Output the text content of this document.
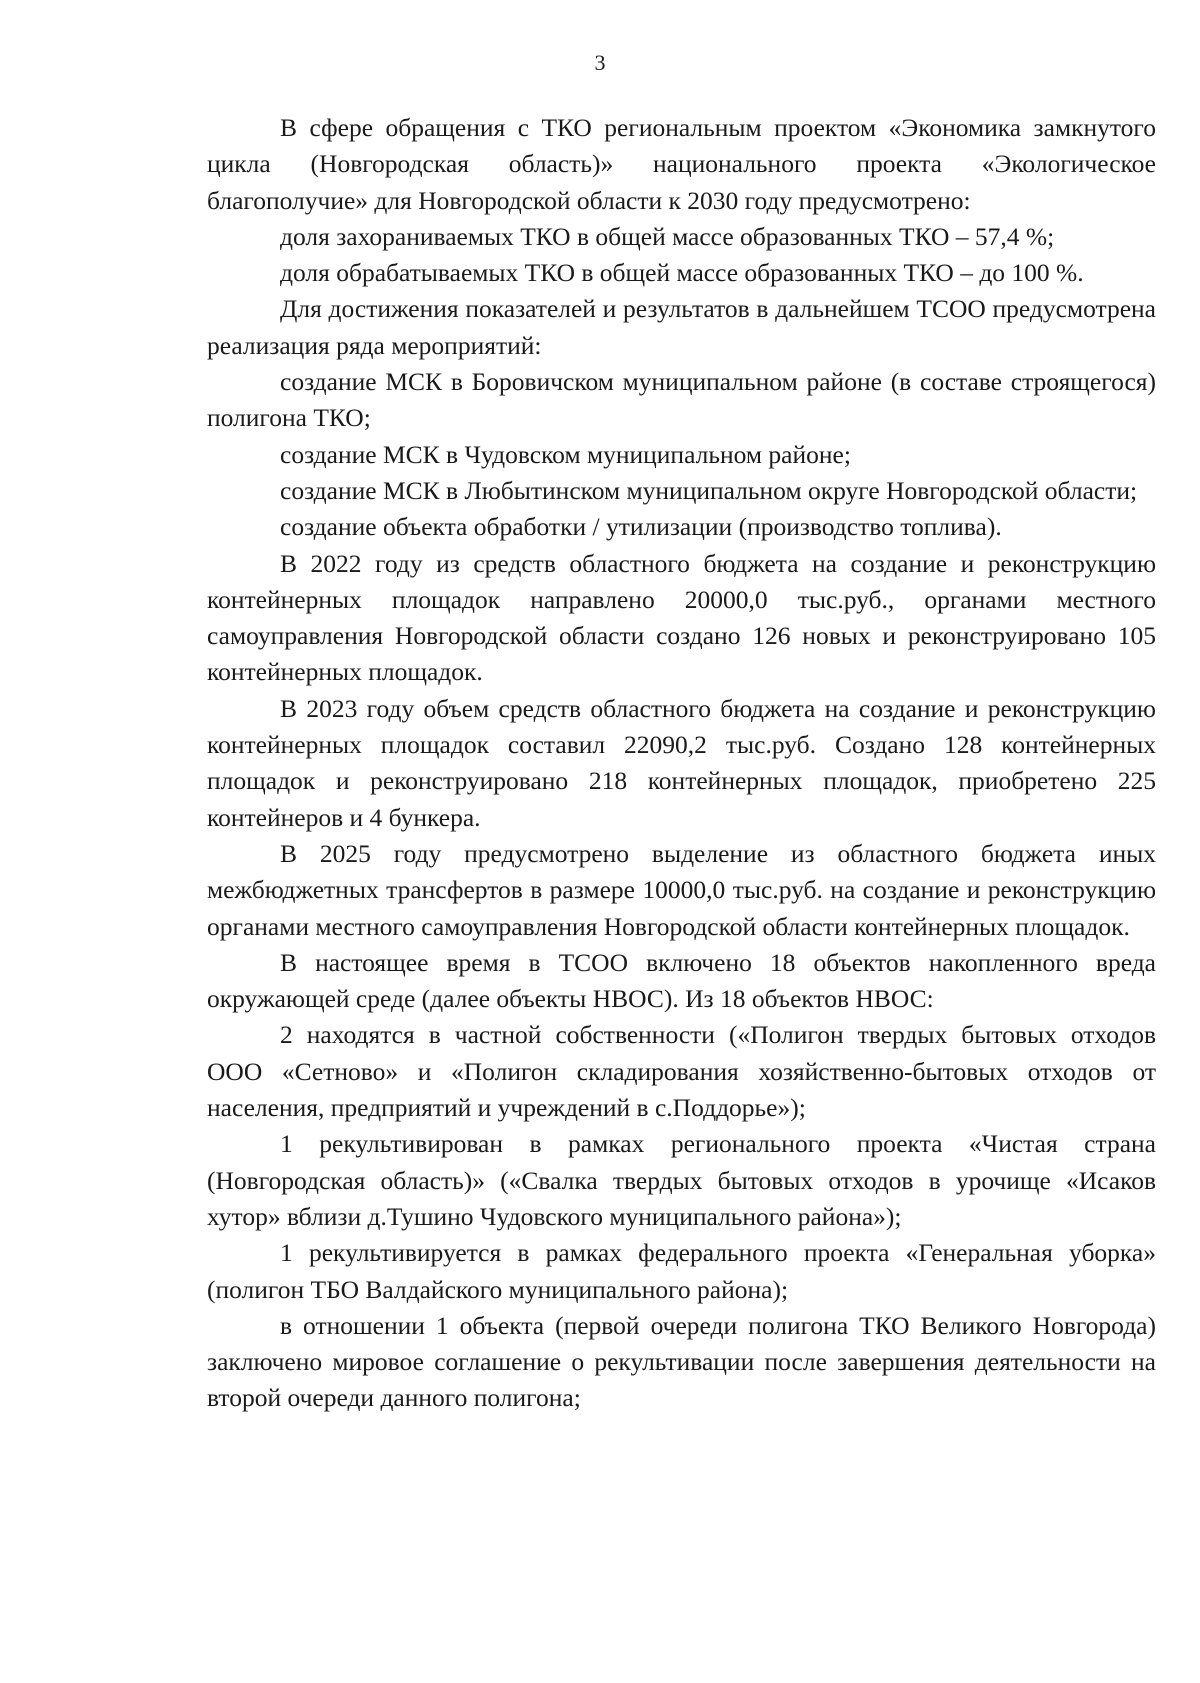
3

В сфере обращения с ТКО региональным проектом «Экономика замкнутого цикла (Новгородская область)» национального проекта «Экологическое благополучие» для Новгородской области к 2030 году предусмотрено:

доля захораниваемых ТКО в общей массе образованных ТКО – 57,4 %;

доля обрабатываемых ТКО в общей массе образованных ТКО – до 100 %.

Для достижения показателей и результатов в дальнейшем ТСОО предусмотрена реализация ряда мероприятий:

создание МСК в Боровичском муниципальном районе (в составе строящегося) полигона ТКО;

создание МСК в Чудовском муниципальном районе;

создание МСК в Любытинском муниципальном округе Новгородской области;

создание объекта обработки / утилизации (производство топлива).

В 2022 году из средств областного бюджета на создание и реконструкцию контейнерных площадок направлено 20000,0 тыс.руб., органами местного самоуправления Новгородской области создано 126 новых и реконструировано 105 контейнерных площадок.

В 2023 году объем средств областного бюджета на создание и реконструкцию контейнерных площадок составил 22090,2 тыс.руб. Создано 128 контейнерных площадок и реконструировано 218 контейнерных площадок, приобретено 225 контейнеров и 4 бункера.

В 2025 году предусмотрено выделение из областного бюджета иных межбюджетных трансфертов в размере 10000,0 тыс.руб. на создание и реконструкцию органами местного самоуправления Новгородской области контейнерных площадок.

В настоящее время в ТСОО включено 18 объектов накопленного вреда окружающей среде (далее объекты НВОС). Из 18 объектов НВОС:

2 находятся в частной собственности («Полигон твердых бытовых отходов ООО «Сетново» и «Полигон складирования хозяйственно-бытовых отходов от населения, предприятий и учреждений в с.Поддорье»);

1 рекультивирован в рамках регионального проекта «Чистая страна (Новгородская область)» («Свалка твердых бытовых отходов в урочище «Исаков хутор» вблизи д.Тушино Чудовского муниципального района»);

1 рекультивируется в рамках федерального проекта «Генеральная уборка» (полигон ТБО Валдайского муниципального района);

в отношении 1 объекта (первой очереди полигона ТКО Великого Новгорода) заключено мировое соглашение о рекультивации после завершения деятельности на второй очереди данного полигона;
